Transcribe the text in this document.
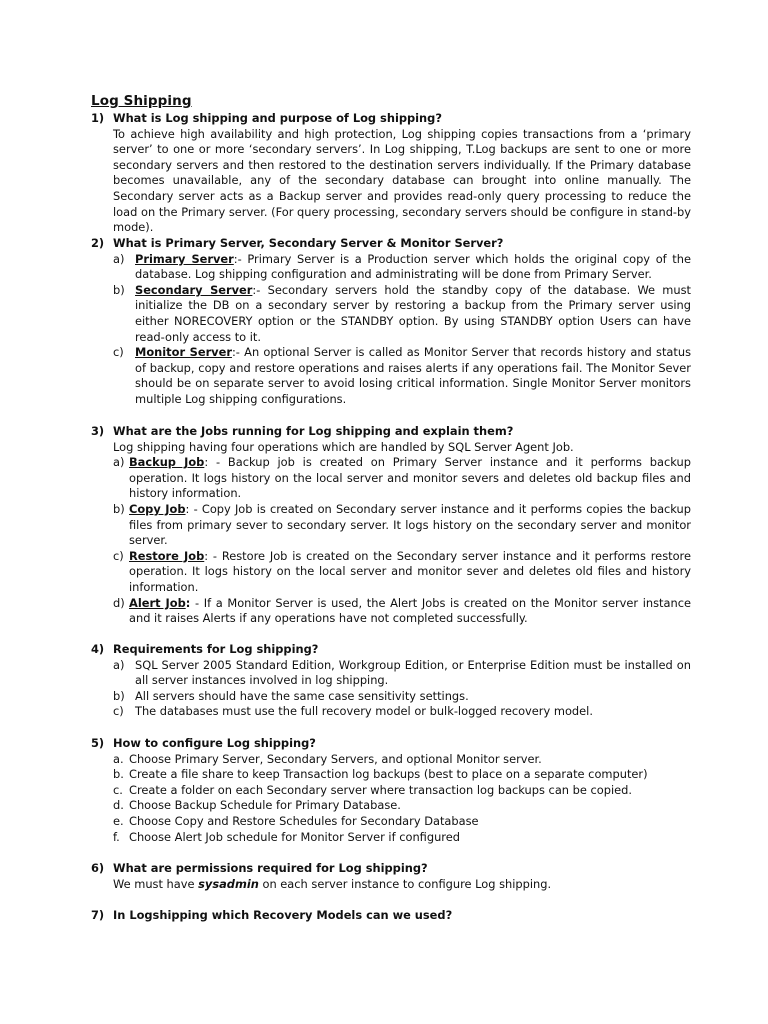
Log Shipping
1) What is Log shipping and purpose of Log shipping?

To achieve high availability and high protection, Log shipping copies transactions from a ‘primary server’ to one or more ‘secondary servers’. In Log shipping, T.Log backups are sent to one or more secondary servers and then restored to the destination servers individually. If the Primary database becomes unavailable, any of the secondary database can brought into online manually. The Secondary server acts as a Backup server and provides read-only query processing to reduce the load on the Primary server. (For query processing, secondary servers should be configure in stand-by mode).

2) What is Primary Server, Secondary Server & Monitor Server?
a) Primary Server:- Primary Server is a Production server which holds the original copy of the database. Log shipping configuration and administrating will be done from Primary Server.
b) Secondary Server:- Secondary servers hold the standby copy of the database. We must initialize the DB on a secondary server by restoring a backup from the Primary server using either NORECOVERY option or the STANDBY option. By using STANDBY option Users can have read-only access to it.
c) Monitor Server:- An optional Server is called as Monitor Server that records history and status of backup, copy and restore operations and raises alerts if any operations fail. The Monitor Sever should be on separate server to avoid losing critical information. Single Monitor Server monitors multiple Log shipping configurations.
3) What are the Jobs running for Log shipping and explain them?

Log shipping having four operations which are handled by SQL Server Agent Job.

a) Backup Job: - Backup job is created on Primary Server instance and it performs backup operation. It logs history on the local server and monitor severs and deletes old backup files and history information.
b) Copy Job: - Copy Job is created on Secondary server instance and it performs copies the backup files from primary sever to secondary server. It logs history on the secondary server and monitor server.
c) Restore Job: - Restore Job is created on the Secondary server instance and it performs restore operation. It logs history on the local server and monitor sever and deletes old files and history information.
d) Alert Job: - If a Monitor Server is used, the Alert Jobs is created on the Monitor server instance and it raises Alerts if any operations have not completed successfully.
4) Requirements for Log shipping?
a) SQL Server 2005 Standard Edition, Workgroup Edition, or Enterprise Edition must be installed on all server instances involved in log shipping.
b) All servers should have the same case sensitivity settings.
c) The databases must use the full recovery model or bulk-logged recovery model.
5) How to configure Log shipping?
a. Choose Primary Server, Secondary Servers, and optional Monitor server.
b. Create a file share to keep Transaction log backups (best to place on a separate computer)
c. Create a folder on each Secondary server where transaction log backups can be copied.
d. Choose Backup Schedule for Primary Database.
e. Choose Copy and Restore Schedules for Secondary Database
f. Choose Alert Job schedule for Monitor Server if configured
6) What are permissions required for Log shipping?

We must have sysadmin on each server instance to configure Log shipping.

7) In Logshipping which Recovery Models can we used?
